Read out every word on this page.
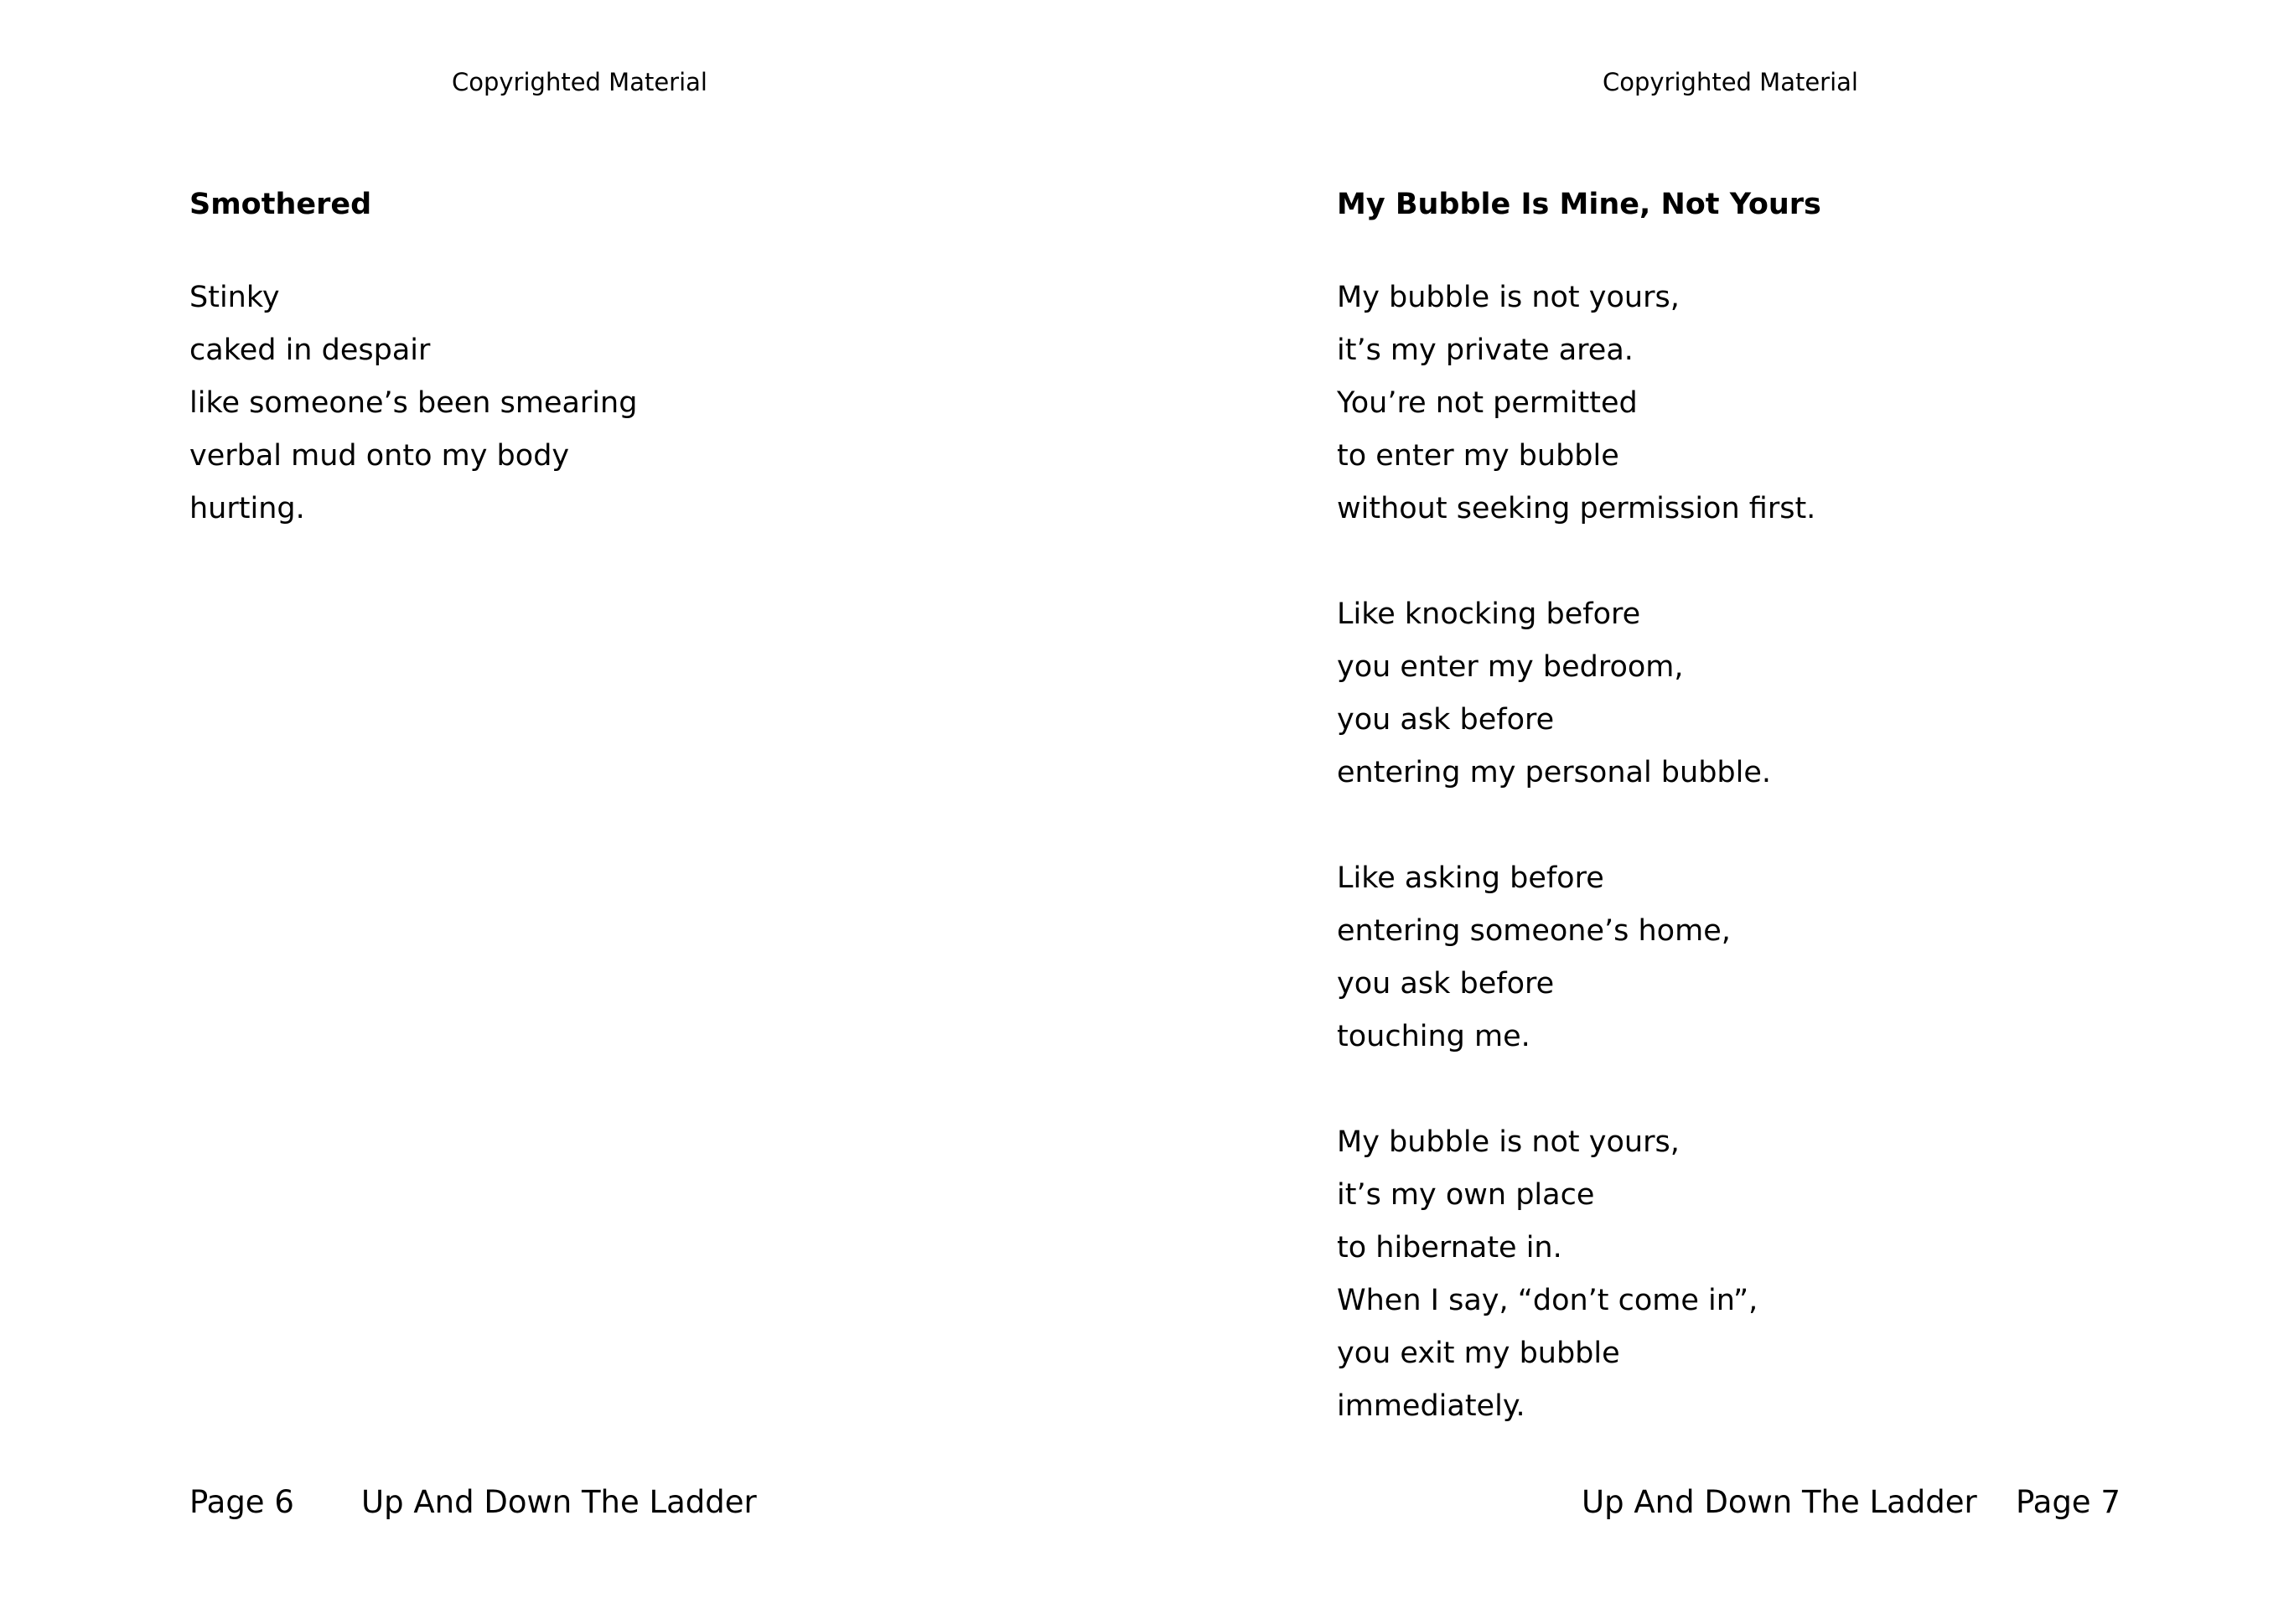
Copyrighted Material
Smothered
Stinky
caked in despair
like someone’s been smearing
verbal mud onto my body
hurting.
Page 6 Up And Down The Ladder
Copyrighted Material
My Bubble Is Mine, Not Yours
My bubble is not yours,
it’s my private area.
You’re not permitted
to enter my bubble
without seeking permission first.
Like knocking before
you enter my bedroom,
you ask before
entering my personal bubble.
Like asking before
entering someone’s home,
you ask before
touching me.
My bubble is not yours,
it’s my own place
to hibernate in.
When I say, “don’t come in”,
you exit my bubble
immediately.
Up And Down The Ladder Page 7
